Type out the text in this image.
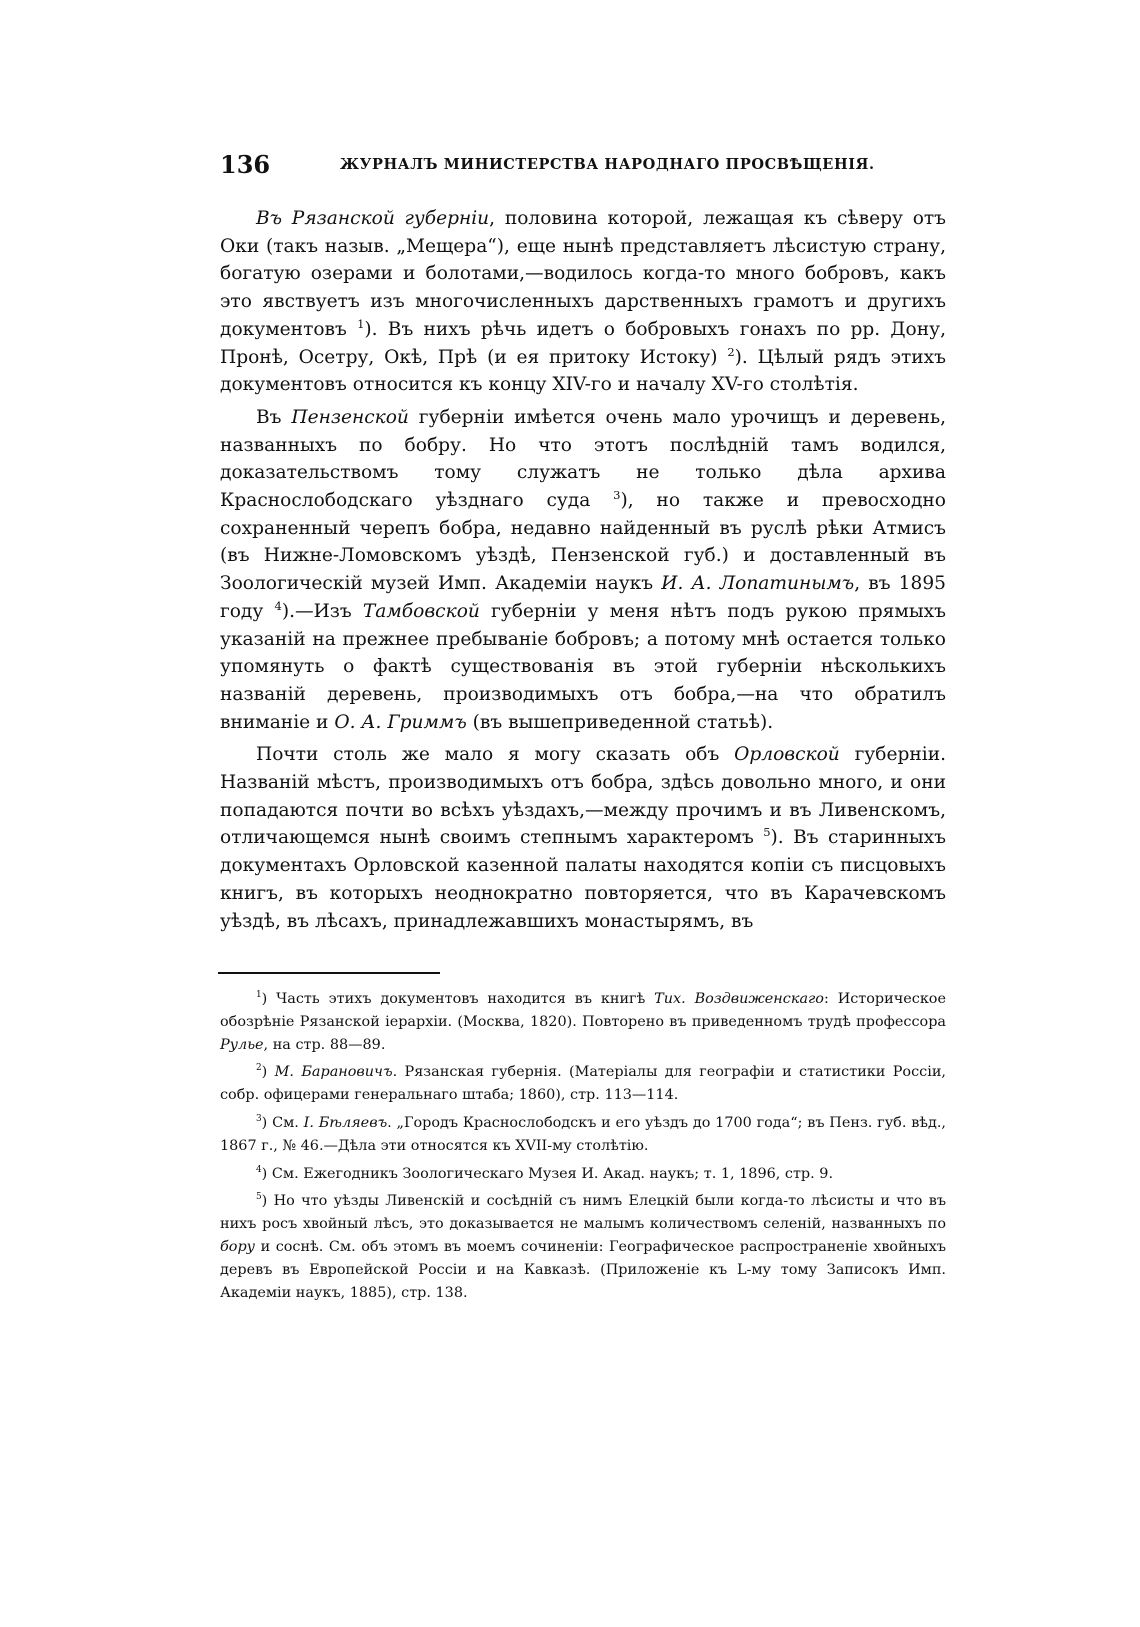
136	ЖУРНАЛЪ МИНИСТЕРСТВА НАРОДНАГО ПРОСВѢЩЕНІЯ.

Въ Рязанской губерніи, половина которой, лежащая къ сѣверу отъ Оки (такъ назыв. „Мещера“), еще нынѣ представляетъ лѣсистую страну, богатую озерами и болотами,—водилось когда-то много бобровъ, какъ это явствуетъ изъ многочисленныхъ дарственныхъ грамотъ и другихъ документовъ $^1$). Въ нихъ рѣчь идетъ о бобровыхъ гонахъ по рр. Дону, Пронѣ, Осетру, Окѣ, Прѣ (и ея притоку Истоку) $^2$). Цѣлый рядъ этихъ документовъ относится къ концу XIV-го и началу XV-го столѣтія.

Въ Пензенской губерніи имѣется очень мало урочищъ и деревень, названныхъ по бобру. Но что этотъ послѣдній тамъ водился, доказательствомъ тому служатъ не только дѣла архива Краснослободскаго уѣзднаго суда $^3$), но также и превосходно сохраненный черепъ бобра, недавно найденный въ руслѣ рѣки Атмисъ (въ Нижне-Ломовскомъ уѣздѣ, Пензенской губ.) и доставленный въ Зоологическій музей Имп. Академіи наукъ И. А. Лопатинымъ, въ 1895 году $^4$).—Изъ Тамбовской губерніи у меня нѣтъ подъ рукою прямыхъ указаній на прежнее пребываніе бобровъ; а потому мнѣ остается только упомянуть о фактѣ существованія въ этой губерніи нѣсколькихъ названій деревень, производимыхъ отъ бобра,—на что обратилъ вниманіе и О. А. Гриммъ (въ вышеприведенной статьѣ).

Почти столь же мало я могу сказать объ Орловской губерніи. Названій мѣстъ, производимыхъ отъ бобра, здѣсь довольно много, и они попадаются почти во всѣхъ уѣздахъ,—между прочимъ и въ Ливенскомъ, отличающемся нынѣ своимъ степнымъ характеромъ $^5$). Въ старинныхъ документахъ Орловской казенной палаты находятся копіи съ писцовыхъ книгъ, въ которыхъ неоднократно повторяется, что въ Карачевскомъ уѣздѣ, въ лѣсахъ, принадлежавшихъ монастырямъ, въ

$^1$) Часть этихъ документовъ находится въ книгѣ Тих. Воздвиженскаго: Историческое обозрѣніе Рязанской іерархіи. (Москва, 1820). Повторено въ приведенномъ трудѣ профессора Рулье, на стр. 88—89.

$^2$) М. Барановичъ. Рязанская губернія. (Матеріалы для географіи и статистики Россіи, собр. офицерами генеральнаго штаба; 1860), стр. 113—114.

$^3$) См. I. Бѣляевъ. „Городъ Краснослободскъ и его уѣздъ до 1700 года“; въ Пенз. губ. вѣд., 1867 г., № 46.—Дѣла эти относятся къ XVII-му столѣтію.

$^4$) См. Ежегодникъ Зоологическаго Музея И. Акад. наукъ; т. 1, 1896, стр. 9.

$^5$) Но что уѣзды Ливенскій и сосѣдній съ нимъ Елецкій были когда-то лѣсисты и что въ нихъ росъ хвойный лѣсъ, это доказывается не малымъ количествомъ селеній, названныхъ по бору и соснѣ. См. объ этомъ въ моемъ сочиненіи: Географическое распространеніе хвойныхъ деревъ въ Европейской Россіи и на Кавказѣ. (Приложеніе къ L-му тому Записокъ Имп. Академіи наукъ, 1885), стр. 138.
